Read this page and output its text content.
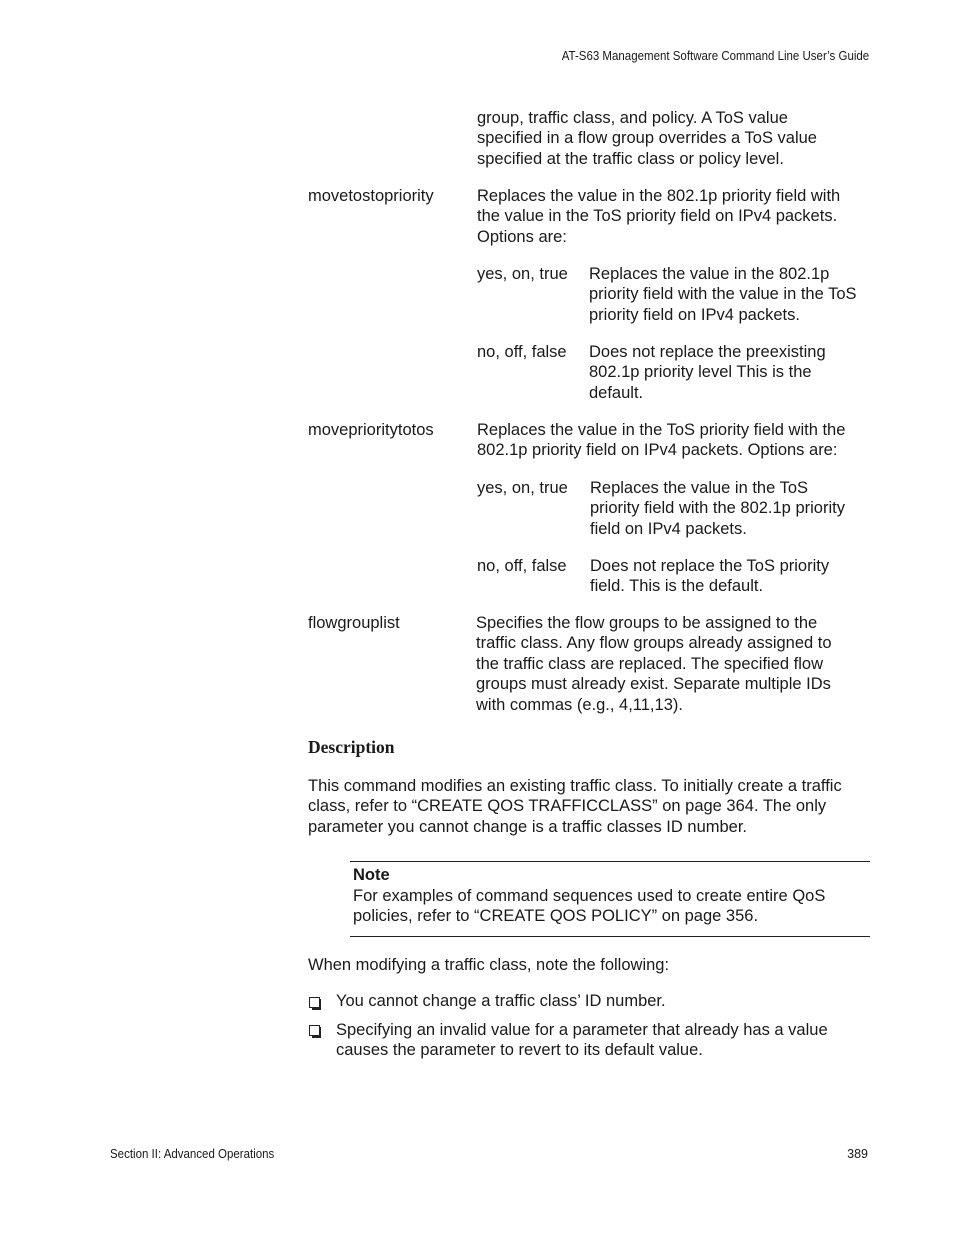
AT-S63 Management Software Command Line User’s Guide
group, traffic class, and policy. A ToS value
specified in a flow group overrides a ToS value
specified at the traffic class or policy level.
movetostopriority	Replaces the value in the 802.1p priority field with
the value in the ToS priority field on IPv4 packets.
Options are:
yes, on, true Replaces the value in the 802.1p
priority field with the value in the ToS
priority field on IPv4 packets.
no, off, false Does not replace the preexisting
802.1p priority level This is the
default.
moveprioritytotos	Replaces the value in the ToS priority field with the
802.1p priority field on IPv4 packets. Options are:
yes, on, true Replaces the value in the ToS
priority field with the 802.1p priority
field on IPv4 packets.
no, off, false Does not replace the ToS priority
field. This is the default.
flowgrouplist	Specifies the flow groups to be assigned to the
traffic class. Any flow groups already assigned to
the traffic class are replaced. The specified flow
groups must already exist. Separate multiple IDs
with commas (e.g., 4,11,13).
Description
This command modifies an existing traffic class. To initially create a traffic
class, refer to “CREATE QOS TRAFFICCLASS” on page 364. The only
parameter you cannot change is a traffic classes ID number.
Note
For examples of command sequences used to create entire QoS
policies, refer to “CREATE QOS POLICY” on page 356.
When modifying a traffic class, note the following:
You cannot change a traffic class’ ID number.
Specifying an invalid value for a parameter that already has a value
causes the parameter to revert to its default value.
Section II: Advanced Operations	389
